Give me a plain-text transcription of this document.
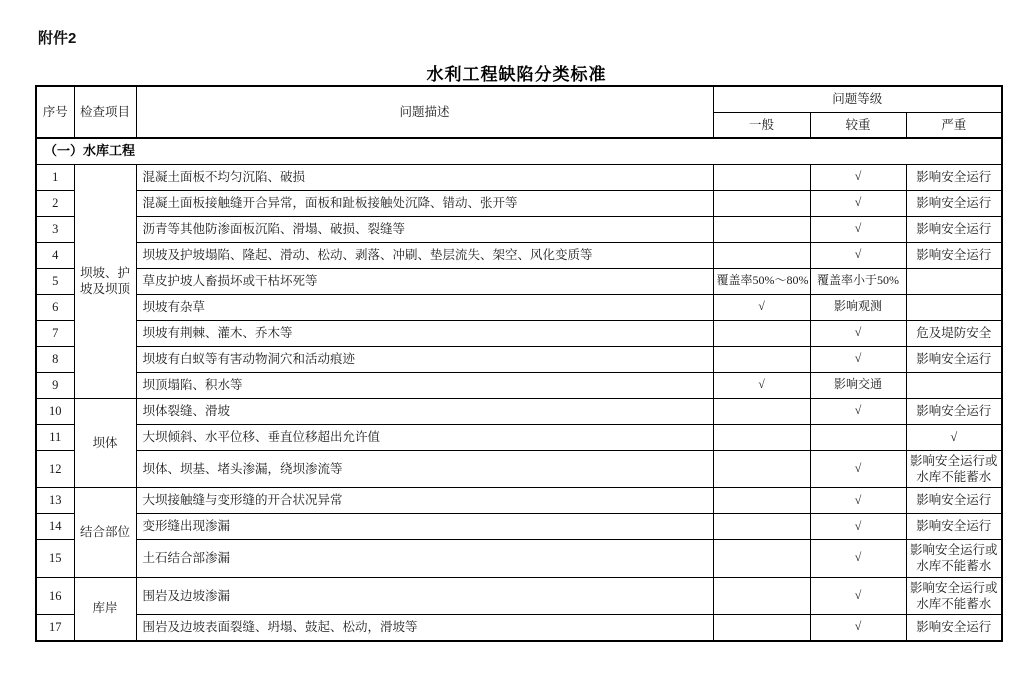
附件2
水利工程缺陷分类标准
序号	检查项目	问题描述	问题等级		
			一般	较重	严重
（一）水库工程					
1	坝坡、护坡及坝顶	混凝土面板不均匀沉陷、破损		√	影响安全运行
2		混凝土面板接触缝开合异常，面板和趾板接触处沉降、错动、张开等		√	影响安全运行
3		沥青等其他防渗面板沉陷、滑塌、破损、裂缝等		√	影响安全运行
4		坝坡及护坡塌陷、隆起、滑动、松动、剥落、冲刷、垫层流失、架空、风化变质等		√	影响安全运行
5		草皮护坡人畜损坏或干枯坏死等	覆盖率50%～80%	覆盖率小于50%	
6		坝坡有杂草	√	影响观测	
7		坝坡有荆棘、灌木、乔木等		√	危及堤防安全
8		坝坡有白蚁等有害动物洞穴和活动痕迹		√	影响安全运行
9		坝顶塌陷、积水等	√	影响交通	
10	坝体	坝体裂缝、滑坡		√	影响安全运行
11		大坝倾斜、水平位移、垂直位移超出允许值			√
12		坝体、坝基、堵头渗漏，绕坝渗流等		√	影响安全运行或水库不能蓄水
13	结合部位	大坝接触缝与变形缝的开合状况异常		√	影响安全运行
14		变形缝出现渗漏		√	影响安全运行
15		土石结合部渗漏		√	影响安全运行或水库不能蓄水
16	库岸	围岩及边坡渗漏		√	影响安全运行或水库不能蓄水
17		围岩及边坡表面裂缝、坍塌、鼓起、松动，滑坡等		√	影响安全运行
